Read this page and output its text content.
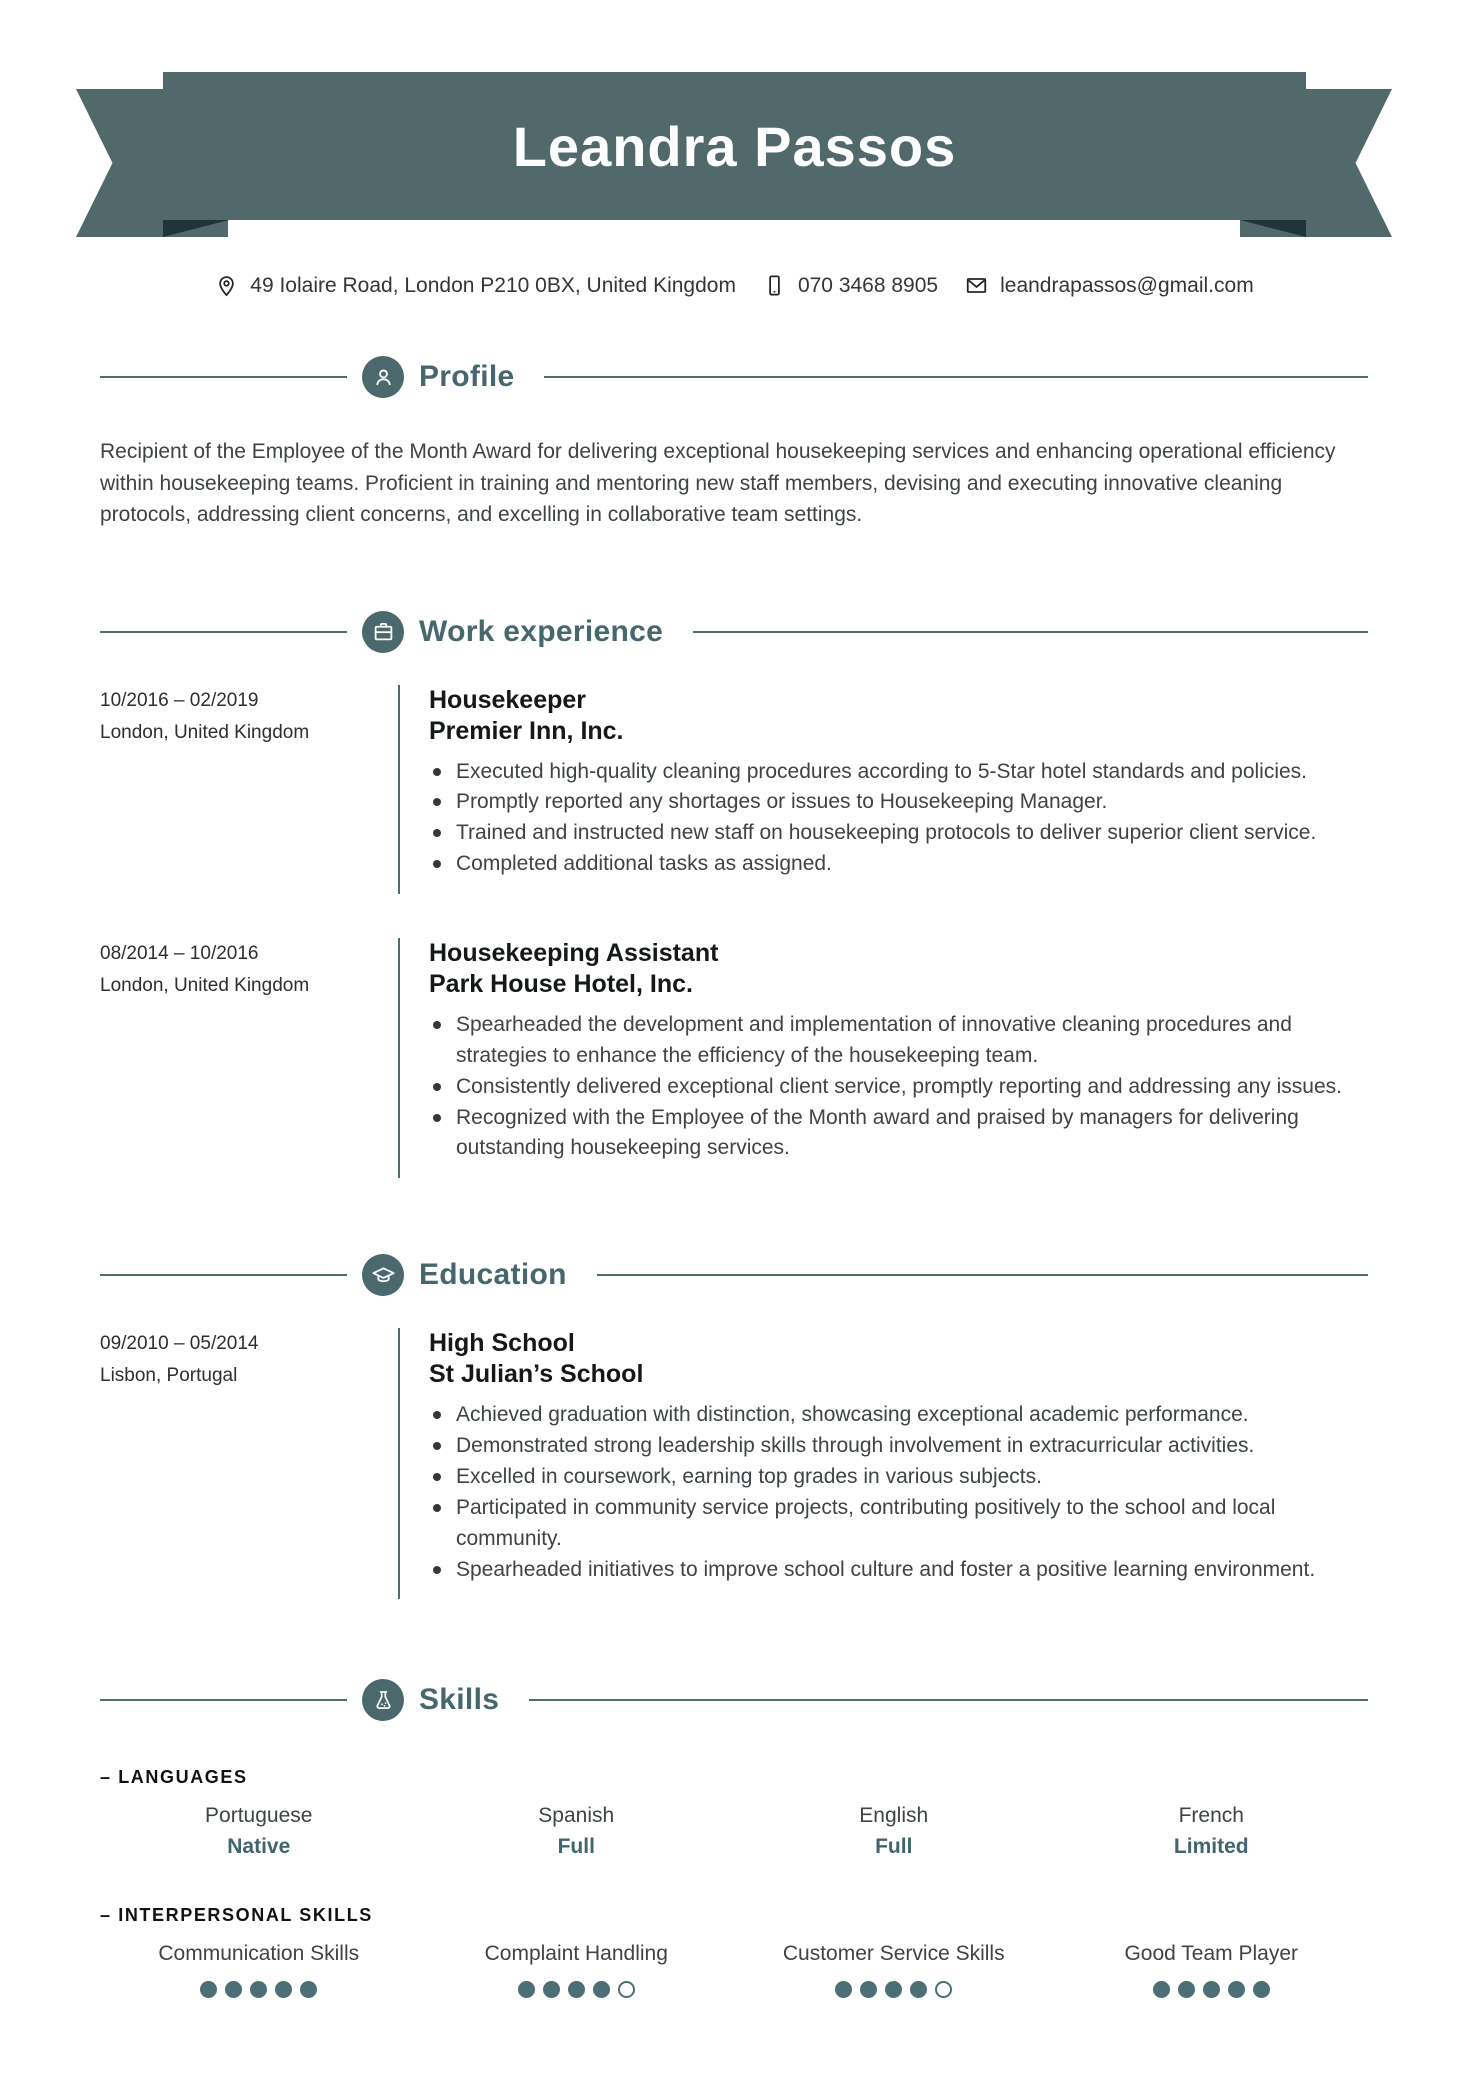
Leandra Passos
49 Iolaire Road, London P210 0BX, United Kingdom	070 3468 8905	leandrapassos@gmail.com
Profile

Recipient of the Employee of the Month Award for delivering exceptional housekeeping services and enhancing operational efficiency within housekeeping teams. Proficient in training and mentoring new staff members, devising and executing innovative cleaning protocols, addressing client concerns, and excelling in collaborative team settings.

Work experience
10/2016 – 02/2019
London, United Kingdom
Housekeeper
Premier Inn, Inc.
Executed high-quality cleaning procedures according to 5-Star hotel standards and policies.
Promptly reported any shortages or issues to Housekeeping Manager.
Trained and instructed new staff on housekeeping protocols to deliver superior client service.
Completed additional tasks as assigned.
08/2014 – 10/2016
London, United Kingdom
Housekeeping Assistant
Park House Hotel, Inc.
Spearheaded the development and implementation of innovative cleaning procedures and strategies to enhance the efficiency of the housekeeping team.
Consistently delivered exceptional client service, promptly reporting and addressing any issues.
Recognized with the Employee of the Month award and praised by managers for delivering outstanding housekeeping services.
Education
09/2010 – 05/2014
Lisbon, Portugal
High School
St Julian’s School
Achieved graduation with distinction, showcasing exceptional academic performance.
Demonstrated strong leadership skills through involvement in extracurricular activities.
Excelled in coursework, earning top grades in various subjects.
Participated in community service projects, contributing positively to the school and local community.
Spearheaded initiatives to improve school culture and foster a positive learning environment.
Skills
– LANGUAGES
Portuguese
Native
Spanish
Full
English
Full
French
Limited
– INTERPERSONAL SKILLS
Communication Skills	Complaint Handling	Customer Service Skills	Good Team Player
